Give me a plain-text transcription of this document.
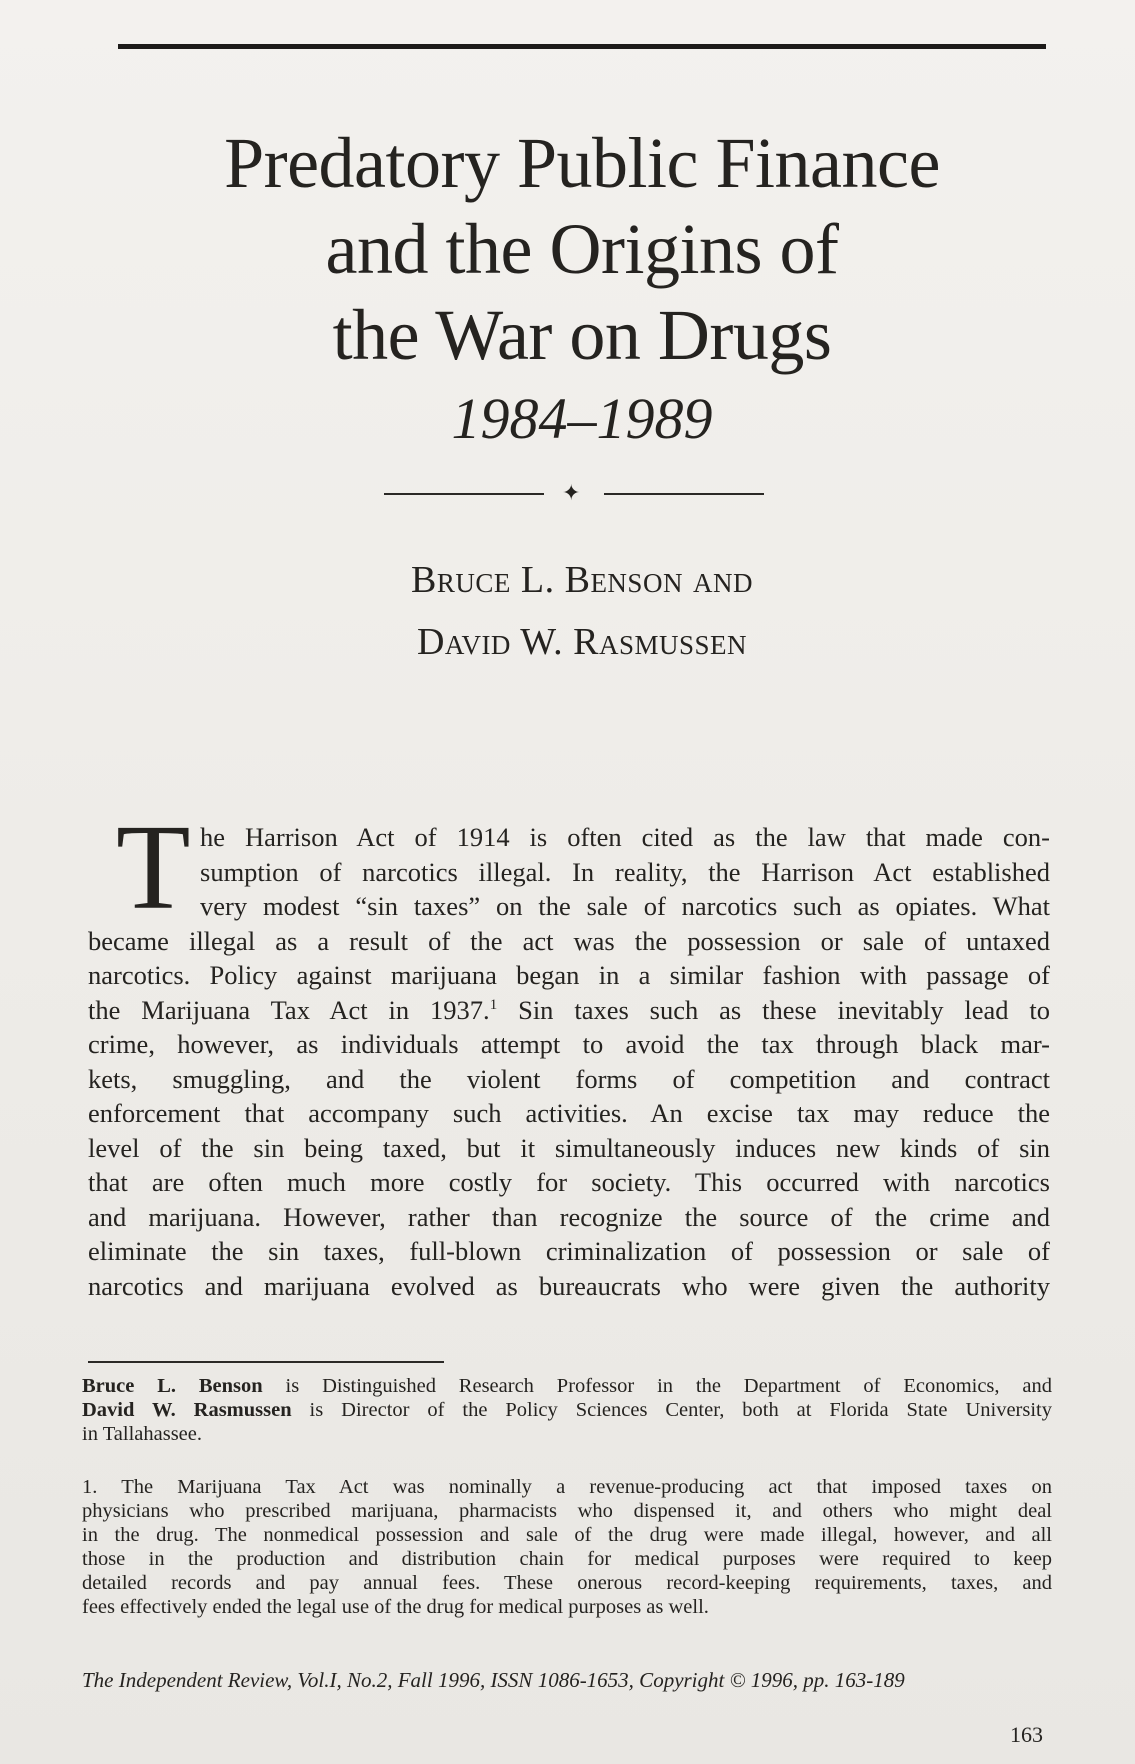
Predatory Public Finance
and the Origins of
the War on Drugs
1984–1989
✦
Bruce L. Benson and
David W. Rasmussen
T he Harrison Act of 1914 is often cited as the law that made con-
sumption of narcotics illegal. In reality, the Harrison Act established
very modest “sin taxes” on the sale of narcotics such as opiates. What
became illegal as a result of the act was the possession or sale of untaxed
narcotics. Policy against marijuana began in a similar fashion with passage of
the Marijuana Tax Act in 1937.$^1$ Sin taxes such as these inevitably lead to
crime, however, as individuals attempt to avoid the tax through black mar-
kets, smuggling, and the violent forms of competition and contract
enforcement that accompany such activities. An excise tax may reduce the
level of the sin being taxed, but it simultaneously induces new kinds of sin
that are often much more costly for society. This occurred with narcotics
and marijuana. However, rather than recognize the source of the crime and
eliminate the sin taxes, full-blown criminalization of possession or sale of
narcotics and marijuana evolved as bureaucrats who were given the authority
Bruce L. Benson is Distinguished Research Professor in the Department of Economics, and
David W. Rasmussen is Director of the Policy Sciences Center, both at Florida State University
in Tallahassee.
1. The Marijuana Tax Act was nominally a revenue-producing act that imposed taxes on
physicians who prescribed marijuana, pharmacists who dispensed it, and others who might deal
in the drug. The nonmedical possession and sale of the drug were made illegal, however, and all
those in the production and distribution chain for medical purposes were required to keep
detailed records and pay annual fees. These onerous record-keeping requirements, taxes, and
fees effectively ended the legal use of the drug for medical purposes as well.
The Independent Review, Vol.I, No.2, Fall 1996, ISSN 1086-1653, Copyright © 1996, pp. 163-189
163
